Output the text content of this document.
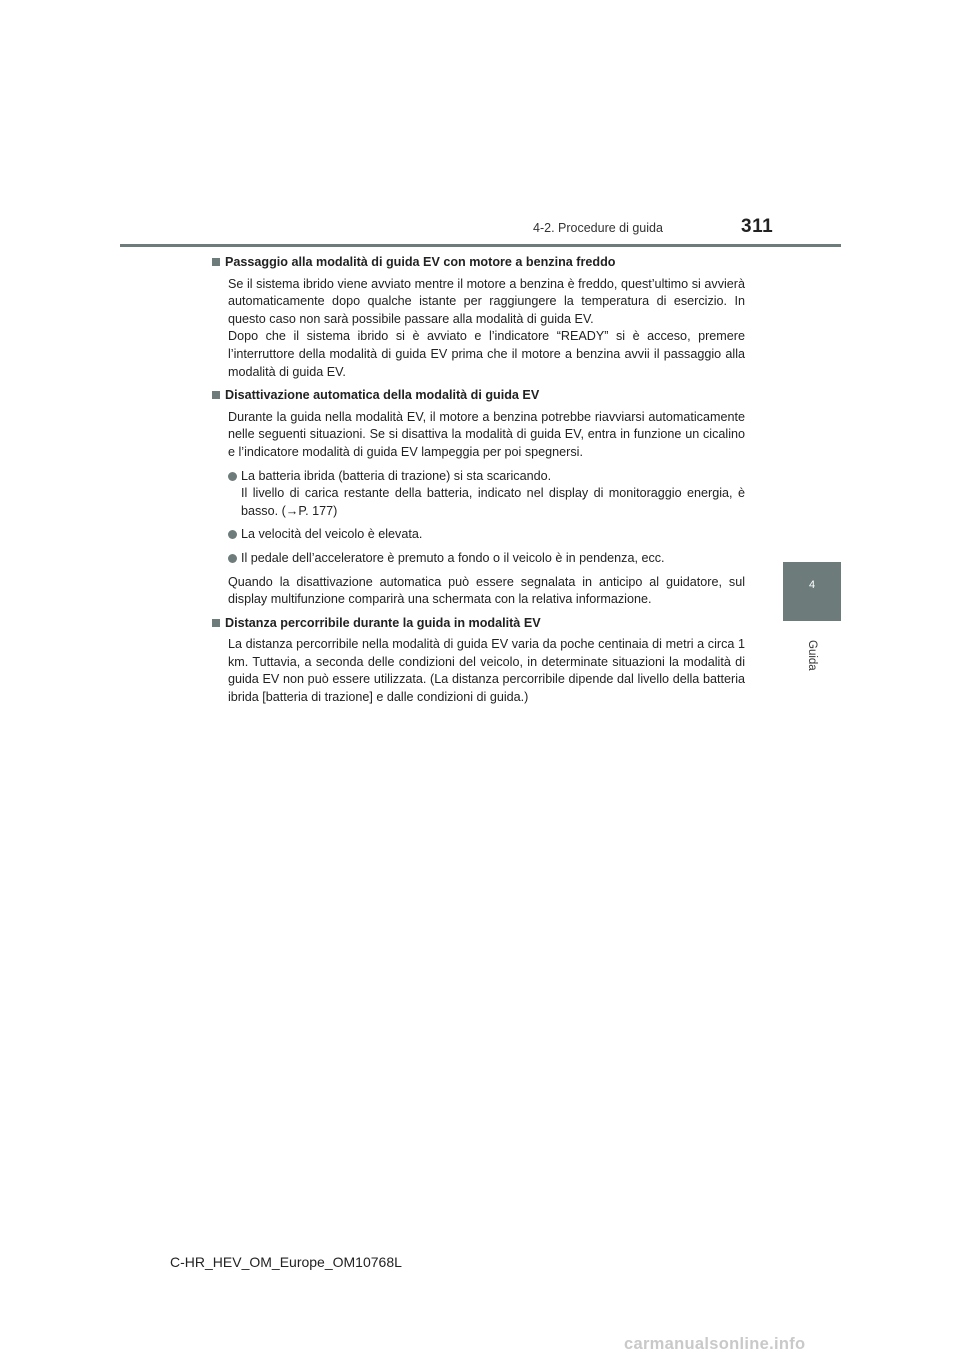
4-2. Procedure di guida	311
4
Guida
Passaggio alla modalità di guida EV con motore a benzina freddo
Se il sistema ibrido viene avviato mentre il motore a benzina è freddo, quest’ultimo si avvierà automaticamente dopo qualche istante per raggiungere la temperatura di esercizio. In questo caso non sarà possibile passare alla modalità di guida EV.
Dopo che il sistema ibrido si è avviato e l’indicatore “READY” si è acceso, premere l’interruttore della modalità di guida EV prima che il motore a benzina avvii il passaggio alla modalità di guida EV.
Disattivazione automatica della modalità di guida EV
Durante la guida nella modalità EV, il motore a benzina potrebbe riavviarsi automaticamente nelle seguenti situazioni. Se si disattiva la modalità di guida EV, entra in funzione un cicalino e l’indicatore modalità di guida EV lampeggia per poi spegnersi.
La batteria ibrida (batteria di trazione) si sta scaricando.
Il livello di carica restante della batteria, indicato nel display di monitoraggio energia, è basso. (→P. 177)
La velocità del veicolo è elevata.
Il pedale dell’acceleratore è premuto a fondo o il veicolo è in pendenza, ecc.
Quando la disattivazione automatica può essere segnalata in anticipo al guidatore, sul display multifunzione comparirà una schermata con la relativa informazione.
Distanza percorribile durante la guida in modalità EV
La distanza percorribile nella modalità di guida EV varia da poche centinaia di metri a circa 1 km. Tuttavia, a seconda delle condizioni del veicolo, in determinate situazioni la modalità di guida EV non può essere utilizzata. (La distanza percorribile dipende dal livello della batteria ibrida [batteria di trazione] e dalle condizioni di guida.)
C-HR_HEV_OM_Europe_OM10768L
carmanualsonline.info
